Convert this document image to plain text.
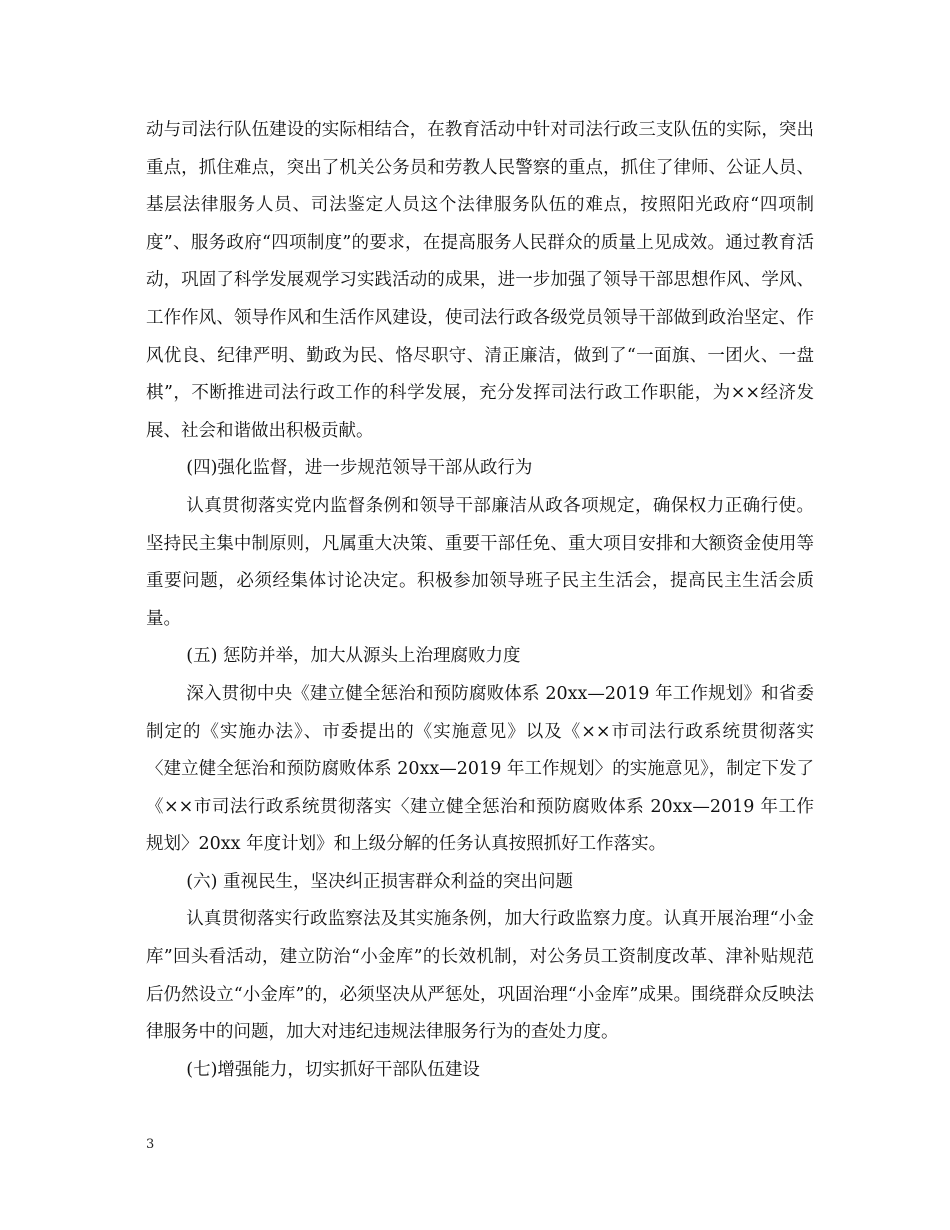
动与司法行队伍建设的实际相结合，在教育活动中针对司法行政三支队伍的实际，突出重点，抓住难点，突出了机关公务员和劳教人民警察的重点，抓住了律师、公证人员、基层法律服务人员、司法鉴定人员这个法律服务队伍的难点，按照阳光政府“四项制度”、服务政府“四项制度”的要求，在提高服务人民群众的质量上见成效。通过教育活动，巩固了科学发展观学习实践活动的成果，进一步加强了领导干部思想作风、学风、工作作风、领导作风和生活作风建设，使司法行政各级党员领导干部做到政治坚定、作风优良、纪律严明、勤政为民、恪尽职守、清正廉洁，做到了“一面旗、一团火、一盘棋”，不断推进司法行政工作的科学发展，充分发挥司法行政工作职能，为××经济发展、社会和谐做出积极贡献。

(四)强化监督，进一步规范领导干部从政行为

认真贯彻落实党内监督条例和领导干部廉洁从政各项规定，确保权力正确行使。坚持民主集中制原则，凡属重大决策、重要干部任免、重大项目安排和大额资金使用等重要问题，必须经集体讨论决定。积极参加领导班子民主生活会，提高民主生活会质量。

(五) 惩防并举，加大从源头上治理腐败力度

深入贯彻中央《建立健全惩治和预防腐败体系 20xx—2019 年工作规划》和省委制定的《实施办法》、市委提出的《实施意见》以及《××市司法行政系统贯彻落实〈建立健全惩治和预防腐败体系 20xx—2019 年工作规划〉的实施意见》，制定下发了《××市司法行政系统贯彻落实〈建立健全惩治和预防腐败体系 20xx—2019 年工作规划〉20xx 年度计划》和上级分解的任务认真按照抓好工作落实。

(六) 重视民生，坚决纠正损害群众利益的突出问题

认真贯彻落实行政监察法及其实施条例，加大行政监察力度。认真开展治理“小金库”回头看活动，建立防治“小金库”的长效机制，对公务员工资制度改革、津补贴规范后仍然设立“小金库”的，必须坚决从严惩处，巩固治理“小金库”成果。围绕群众反映法律服务中的问题，加大对违纪违规法律服务行为的查处力度。

(七)增强能力，切实抓好干部队伍建设

3
